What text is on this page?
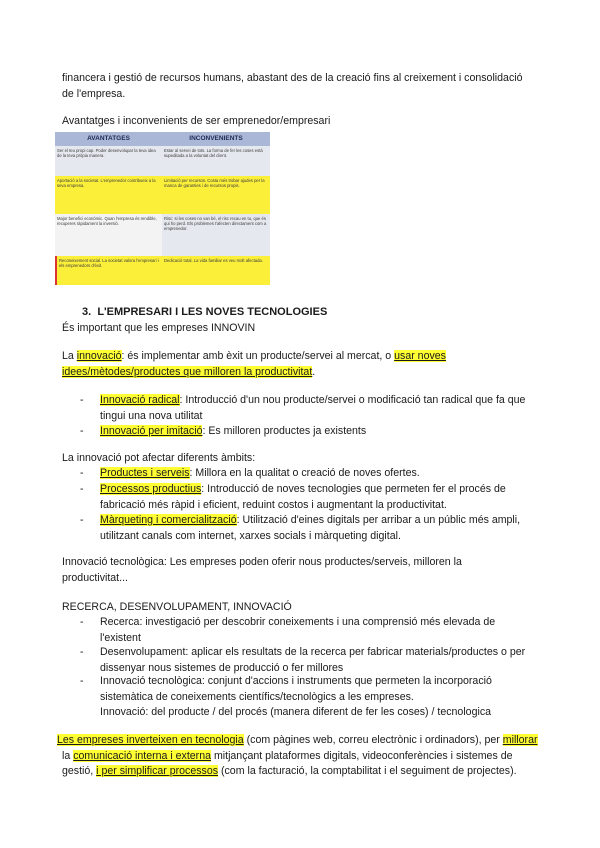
financera i gestió de recursos humans, abastant des de la creació fins al creixement i consolidació
de l'empresa.
Avantatges i inconvenients de ser emprenedor/empresari
AVANTATGES	INCONVENIENTS
Ser el teu propi cap. Poder desenvolupar la teva idea de la teva pròpia manera.
Estar al servei de tots. La forma de fer les coses està supeditada a la voluntat del client.
Aportació a la societat. L'emprenedor contribueix a la seva empresa.
Limitació per recursos. Costa més trobar ajudes per la manca de garanties i de recursos propis.
Major benefici econòmic. Quan l'empresa és rendible, recuperes ràpidament la inversió.
Risc: si les coses no van bé, el risc recau en tu, que és qui ho perd. Els problemes t'afecten directament com a emprenedor.
Reconeixement social. La societat valora l'empresari i els emprenedors d'èxit.
Dedicació total. La vida familiar es veu molt afectada.
3. L'EMPRESARI I LES NOVES TECNOLOGIES
És important que les empreses INNOVIN
La innovació: és implementar amb èxit un producte/servei al mercat, o usar noves
idees/mètodes/productes que milloren la productivitat.
- Innovació radical: Introducció d'un nou producte/servei o modificació tan radical que fa que
tingui una nova utilitat
- Innovació per imitació: Es milloren productes ja existents
La innovació pot afectar diferents àmbits:
- Productes i serveis: Millora en la qualitat o creació de noves ofertes.
- Processos productius: Introducció de noves tecnologies que permeten fer el procés de
fabricació més ràpid i eficient, reduint costos i augmentant la productivitat.
- Màrqueting i comercialització: Utilització d'eines digitals per arribar a un públic més ampli,
utilitzant canals com internet, xarxes socials i màrqueting digital.
Innovació tecnològica: Les empreses poden oferir nous productes/serveis, milloren la
productivitat...
RECERCA, DESENVOLUPAMENT, INNOVACIÓ
- Recerca: investigació per descobrir coneixements i una comprensió més elevada de
l'existent
- Desenvolupament: aplicar els resultats de la recerca per fabricar materials/productes o per
dissenyar nous sistemes de producció o fer millores
- Innovació tecnològica: conjunt d'accions i instruments que permeten la incorporació
sistemàtica de coneixements científics/tecnològics a les empreses.
Innovació: del producte / del procés (manera diferent de fer les coses) / tecnologica
Les empreses inverteixen en tecnologia (com pàgines web, correu electrònic i ordinadors), per millorar
la comunicació interna i externa mitjançant plataformes digitals, videoconferències i sistemes de
gestió, i per simplificar processos (com la facturació, la comptabilitat i el seguiment de projectes).
